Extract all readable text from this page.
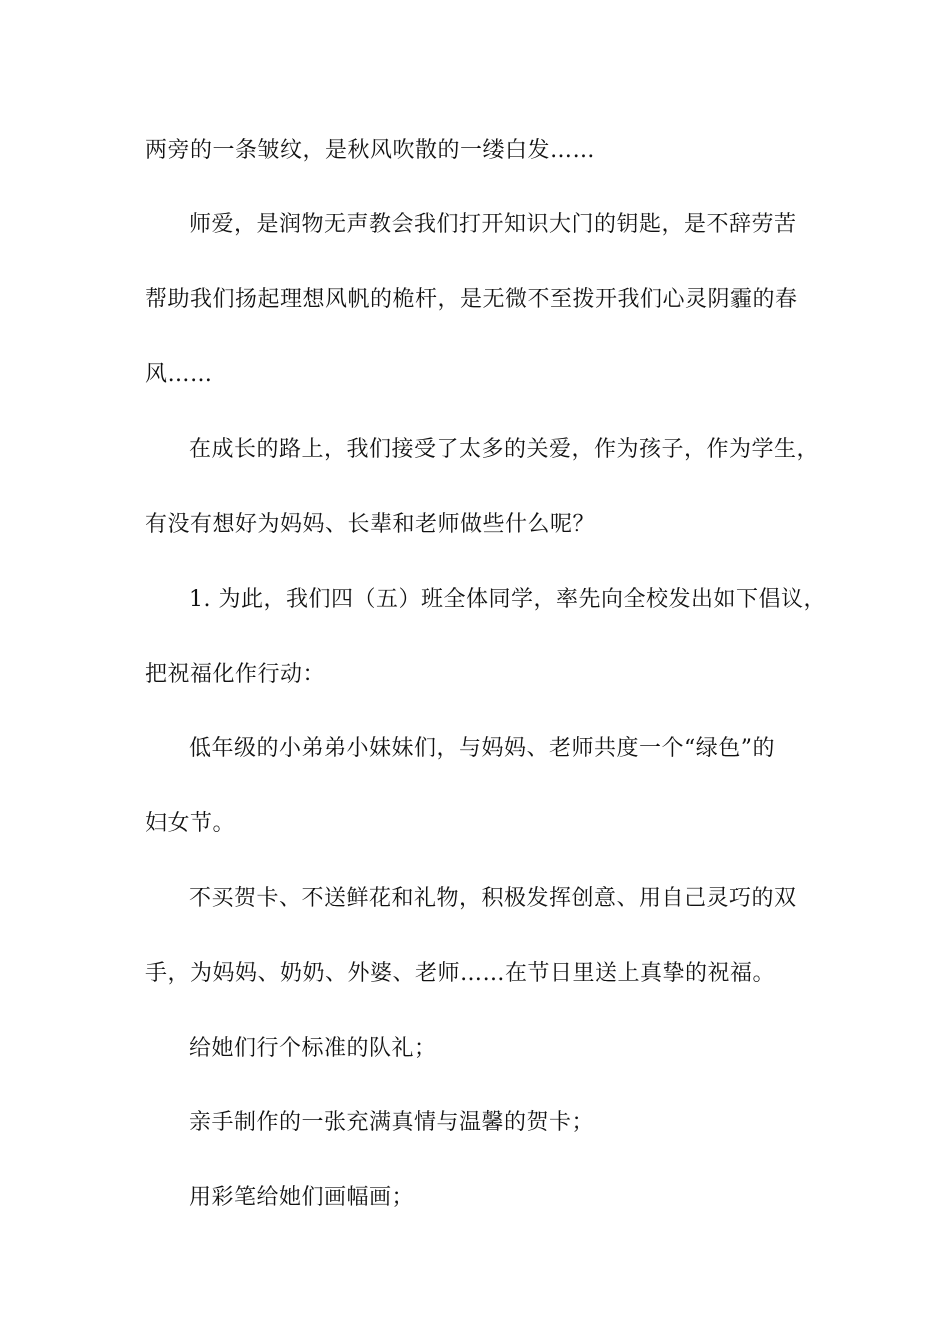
两旁的一条皱纹，是秋风吹散的一缕白发……
师爱，是润物无声教会我们打开知识大门的钥匙，是不辞劳苦
帮助我们扬起理想风帆的桅杆，是无微不至拨开我们心灵阴霾的春
风……
在成长的路上，我们接受了太多的关爱，作为孩子，作为学生，
有没有想好为妈妈、长辈和老师做些什么呢？
1. 为此，我们四（五）班全体同学，率先向全校发出如下倡议，
把祝福化作行动：
低年级的小弟弟小妹妹们，与妈妈、老师共度一个“绿色”的
妇女节。
不买贺卡、不送鲜花和礼物，积极发挥创意、用自己灵巧的双
手，为妈妈、奶奶、外婆、老师……在节日里送上真挚的祝福。
给她们行个标准的队礼；
亲手制作的一张充满真情与温馨的贺卡；
用彩笔给她们画幅画；
